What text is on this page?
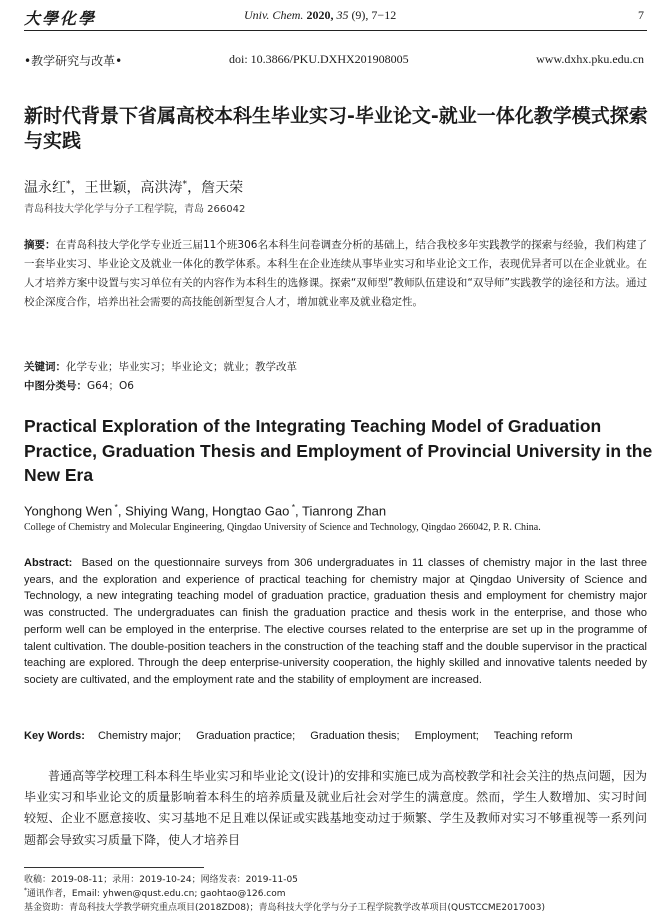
大學化學	Univ. Chem. 2020, 35 (9), 7−12	7
•教学研究与改革•	doi: 10.3866/PKU.DXHX201908005	www.dxhx.pku.edu.cn
新时代背景下省属高校本科生毕业实习-毕业论文-就业一体化教学模式探索与实践
温永红*，王世颖，高洪涛*，詹天荣
青岛科技大学化学与分子工程学院，青岛 266042
摘要：在青岛科技大学化学专业近三届11个班306名本科生问卷调查分析的基础上，结合我校多年实践教学的探索与经验，我们构建了一套毕业实习、毕业论文及就业一体化的教学体系。本科生在企业连续从事毕业实习和毕业论文工作，表现优异者可以在企业就业。在人才培养方案中设置与实习单位有关的内容作为本科生的选修课。探索“双师型”教师队伍建设和“双导师”实践教学的途径和方法。通过校企深度合作，培养出社会需要的高技能创新型复合人才，增加就业率及就业稳定性。
关键词：化学专业；毕业实习；毕业论文；就业；教学改革
中图分类号：G64；O6
Practical Exploration of the Integrating Teaching Model of Graduation Practice, Graduation Thesis and Employment of Provincial University in the New Era
Yonghong Wen *, Shiying Wang, Hongtao Gao *, Tianrong Zhan
College of Chemistry and Molecular Engineering, Qingdao University of Science and Technology, Qingdao 266042, P. R. China.
Abstract: Based on the questionnaire surveys from 306 undergraduates in 11 classes of chemistry major in the last three years, and the exploration and experience of practical teaching for chemistry major at Qingdao University of Science and Technology, a new integrating teaching model of graduation practice, graduation thesis and employment for chemistry major was constructed. The undergraduates can finish the graduation practice and thesis work in the enterprise, and those who perform well can be employed in the enterprise. The elective courses related to the enterprise are set up in the programme of talent cultivation. The double-position teachers in the construction of the teaching staff and the double supervisor in the practical teaching are explored. Through the deep enterprise-university cooperation, the highly skilled and innovative talents needed by society are cultivated, and the employment rate and the stability of employment are increased.
Key Words: Chemistry major; Graduation practice; Graduation thesis; Employment; Teaching reform
普通高等学校理工科本科生毕业实习和毕业论文(设计)的安排和实施已成为高校教学和社会关注的热点问题，因为毕业实习和毕业论文的质量影响着本科生的培养质量及就业后社会对学生的满意度。然而，学生人数增加、实习时间较短、企业不愿意接收、实习基地不足且难以保证或实践基地变动过于频繁、学生及教师对实习不够重视等一系列问题都会导致实习质量下降，使人才培养目
收稿：2019-08-11；录用：2019-10-24；网络发表：2019-11-05
*通讯作者，Email: yhwen@qust.edu.cn; gaohtao@126.com
基金资助：青岛科技大学教学研究重点项目(2018ZD08)；青岛科技大学化学与分子工程学院教学改革项目(QUSTCCME2017003)
